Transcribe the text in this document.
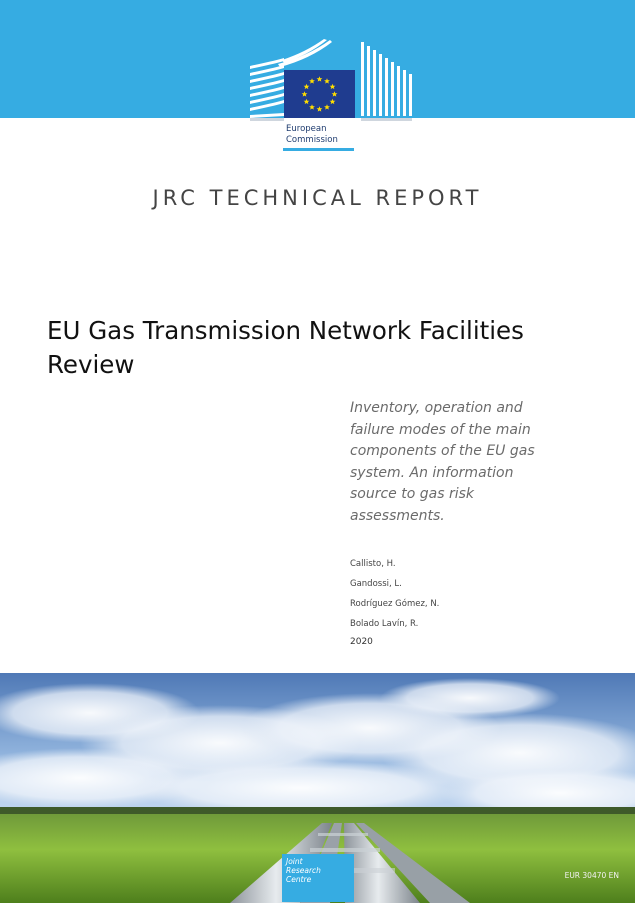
European
Commission
JRC TECHNICAL REPORT
EU Gas Transmission Network Facilities Review
Inventory, operation and failure modes of the main components of the EU gas system. An information source to gas risk assessments.
Callisto, H.
Gandossi, L.
Rodríguez Gómez, N.
Bolado Lavín, R.
2020
Joint
Research
Centre	EUR 30470 EN
